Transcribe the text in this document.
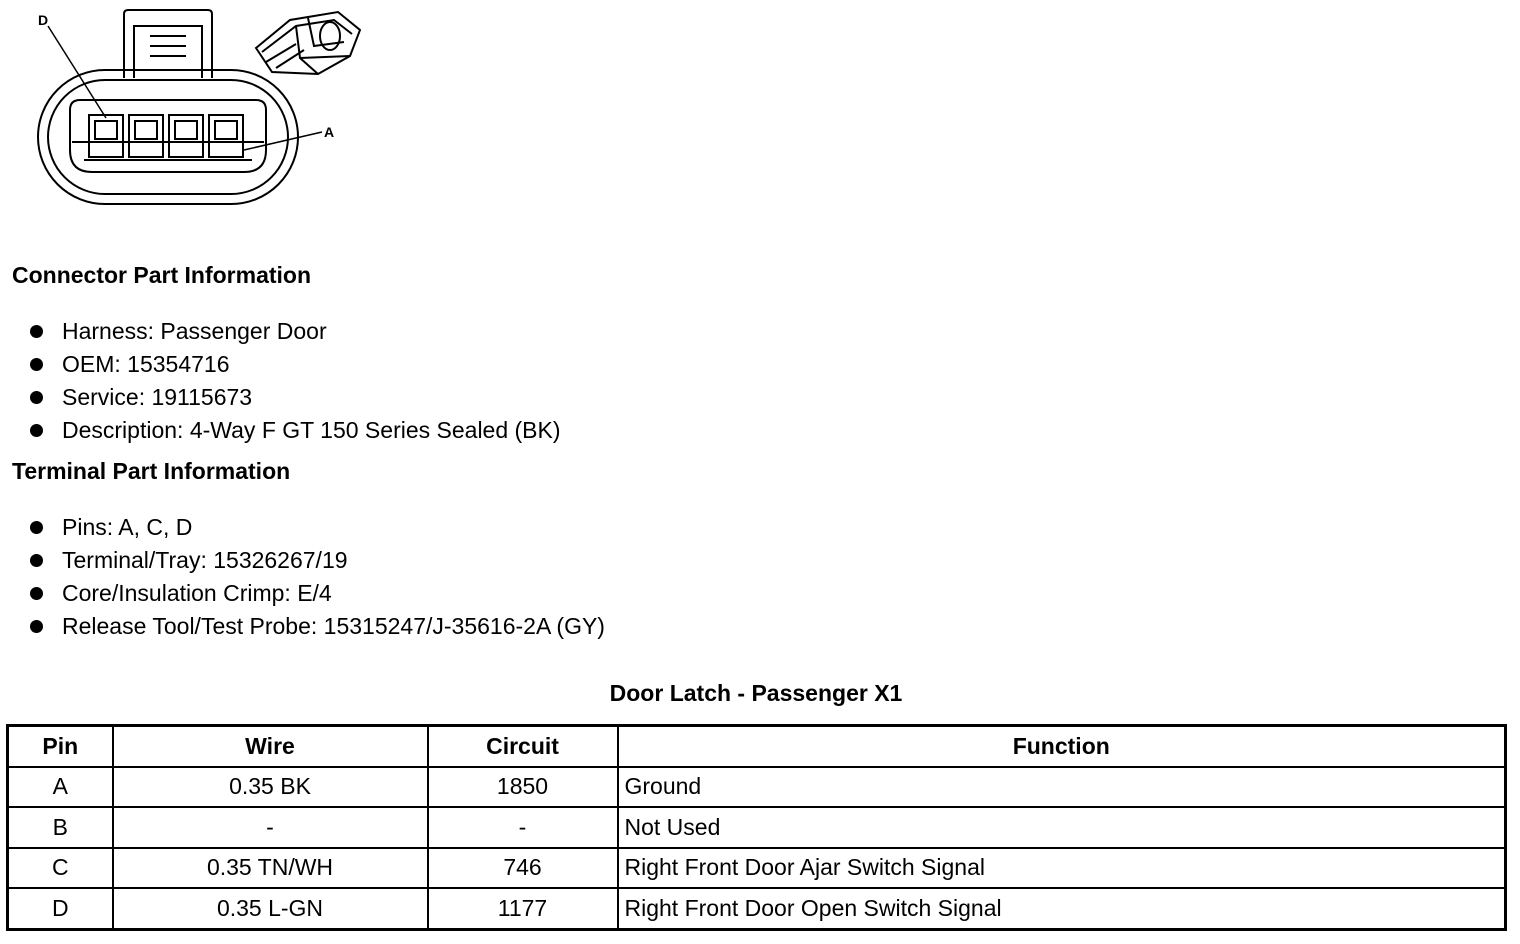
D
A
Connector Part Information
Harness: Passenger Door
OEM: 15354716
Service: 19115673
Description: 4-Way F GT 150 Series Sealed (BK)
Terminal Part Information
Pins: A, C, D
Terminal/Tray: 15326267/19
Core/Insulation Crimp: E/4
Release Tool/Test Probe: 15315247/J-35616-2A (GY)
Door Latch - Passenger X1
Pin	Wire	Circuit	Function
A	0.35 BK	1850	Ground
B	-	-	Not Used
C	0.35 TN/WH	746	Right Front Door Ajar Switch Signal
D	0.35 L-GN	1177	Right Front Door Open Switch Signal
